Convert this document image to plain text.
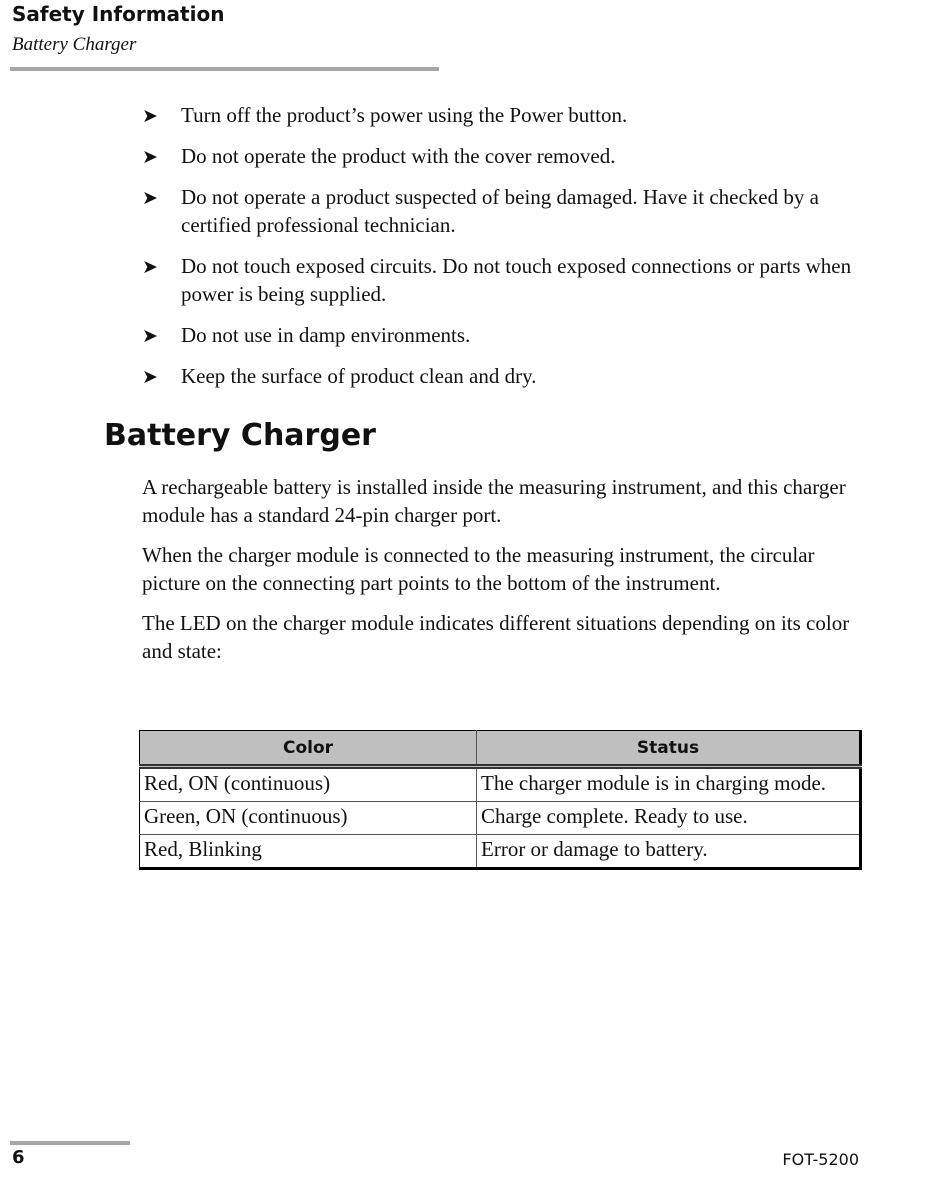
Safety Information
Battery Charger
➤ Turn off the product’s power using the Power button.
➤ Do not operate the product with the cover removed.
➤ Do not operate a product suspected of being damaged. Have it checked by a certified professional technician.
➤ Do not touch exposed circuits. Do not touch exposed connections or parts when power is being supplied.
➤ Do not use in damp environments.
➤ Keep the surface of product clean and dry.
Battery Charger

A rechargeable battery is installed inside the measuring instrument, and this charger module has a standard 24-pin charger port.

When the charger module is connected to the measuring instrument, the circular picture on the connecting part points to the bottom of the instrument.

The LED on the charger module indicates different situations depending on its color and state:

Color	Status
Red, ON (continuous)	The charger module is in charging mode.
Green, ON (continuous)	Charge complete. Ready to use.
Red, Blinking	Error or damage to battery.
6	FOT-5200
